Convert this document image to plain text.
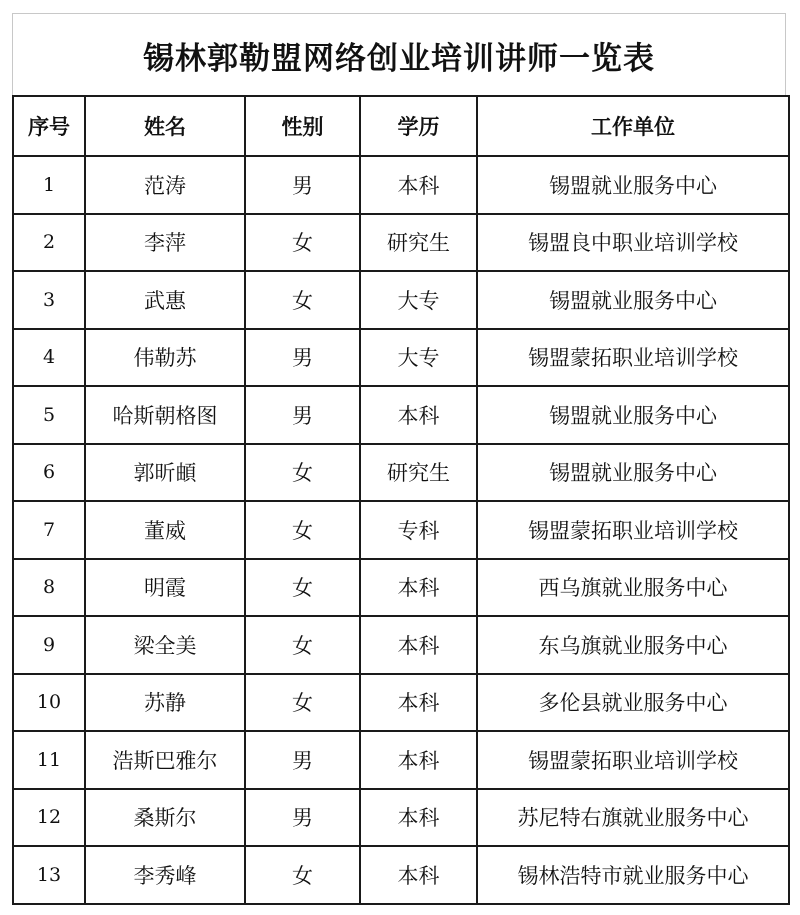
锡林郭勒盟网络创业培训讲师一览表
序号	姓名	性别	学历	工作单位
1	范涛	男	本科	锡盟就业服务中心
2	李萍	女	研究生	锡盟良中职业培训学校
3	武惠	女	大专	锡盟就业服务中心
4	伟勒苏	男	大专	锡盟蒙拓职业培训学校
5	哈斯朝格图	男	本科	锡盟就业服务中心
6	郭昕頔	女	研究生	锡盟就业服务中心
7	董威	女	专科	锡盟蒙拓职业培训学校
8	明霞	女	本科	西乌旗就业服务中心
9	梁全美	女	本科	东乌旗就业服务中心
10	苏静	女	本科	多伦县就业服务中心
11	浩斯巴雅尔	男	本科	锡盟蒙拓职业培训学校
12	桑斯尔	男	本科	苏尼特右旗就业服务中心
13	李秀峰	女	本科	锡林浩特市就业服务中心
